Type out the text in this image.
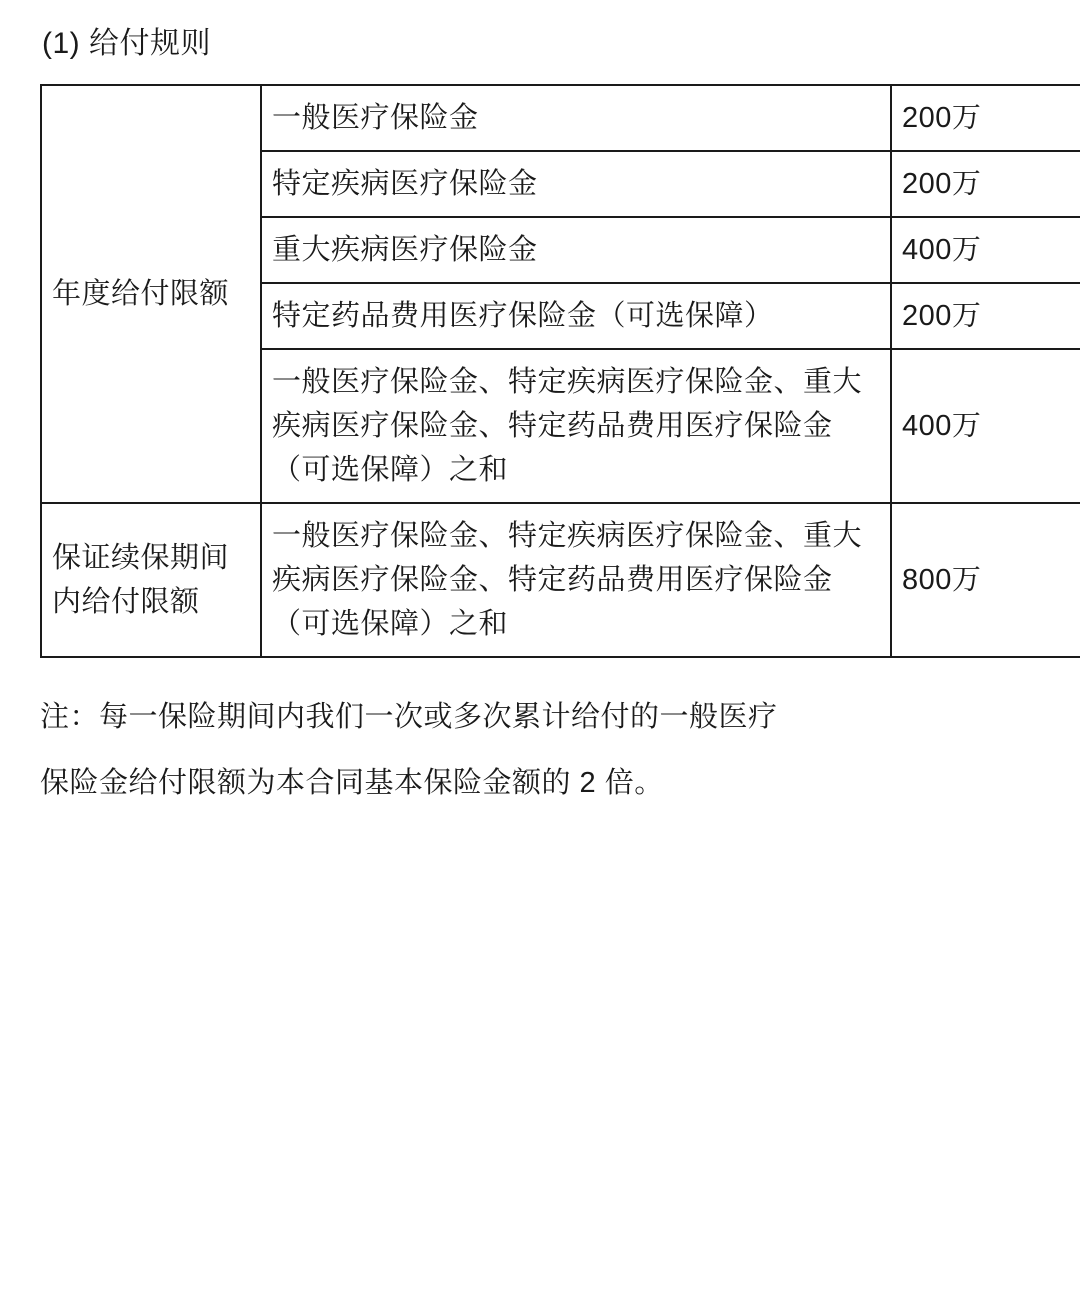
(1) 给付规则
年度给付限额	一般医疗保险金	200万
	特定疾病医疗保险金	200万
	重大疾病医疗保险金	400万
	特定药品费用医疗保险金（可选保障）	200万
	一般医疗保险金、特定疾病医疗保险金、重大疾病医疗保险金、特定药品费用医疗保险金（可选保障）之和	400万
保证续保期间内给付限额	一般医疗保险金、特定疾病医疗保险金、重大疾病医疗保险金、特定药品费用医疗保险金（可选保障）之和	800万
注：每一保险期间内我们一次或多次累计给付的一般医疗
保险金给付限额为本合同基本保险金额的 2 倍。
